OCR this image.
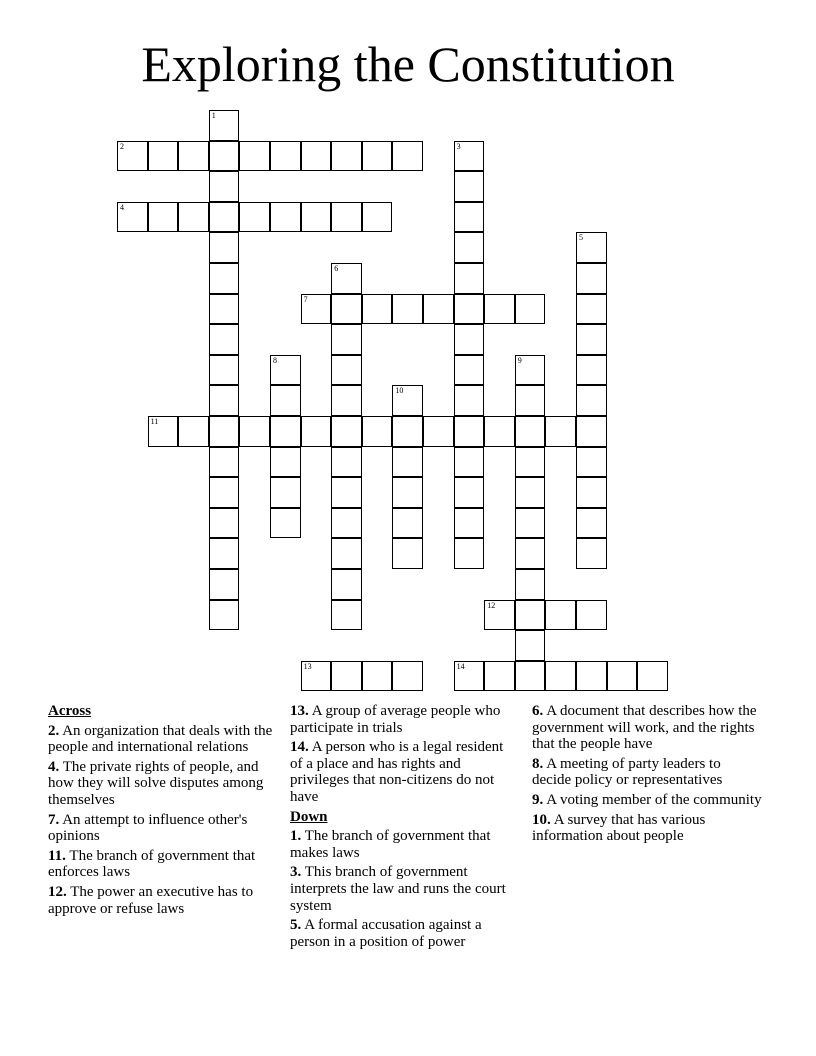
Exploring the Constitution
1
2	3
4
5
6
7
8	9
10
11
12
13	14
Across
2. An organization that deals with the people and international relations
4. The private rights of people, and how they will solve disputes among themselves
7. An attempt to influence other's opinions
11. The branch of government that enforces laws
12. The power an executive has to approve or refuse laws
13. A group of average people who participate in trials
14. A person who is a legal resident of a place and has rights and privileges that non-citizens do not have
Down
1. The branch of government that makes laws
3. This branch of government interprets the law and runs the court system
5. A formal accusation against a person in a position of power
6. A document that describes how the government will work, and the rights that the people have
8. A meeting of party leaders to decide policy or representatives
9. A voting member of the community
10. A survey that has various information about people
